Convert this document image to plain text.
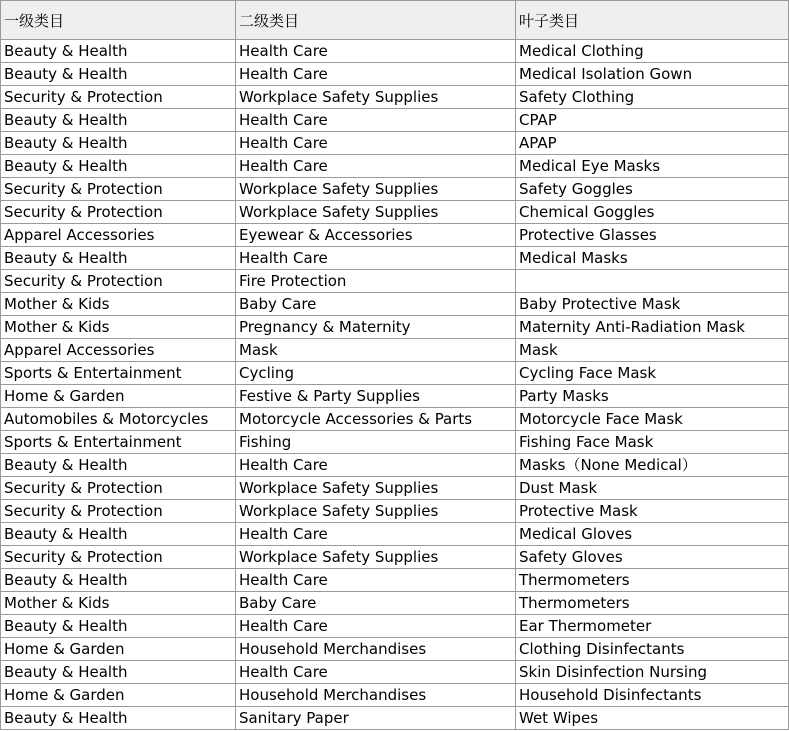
一级类目	二级类目	叶子类目
Beauty & Health	Health Care	Medical Clothing
Beauty & Health	Health Care	Medical Isolation Gown
Security & Protection	Workplace Safety Supplies	Safety Clothing
Beauty & Health	Health Care	CPAP
Beauty & Health	Health Care	APAP
Beauty & Health	Health Care	Medical Eye Masks
Security & Protection	Workplace Safety Supplies	Safety Goggles
Security & Protection	Workplace Safety Supplies	Chemical Goggles
Apparel Accessories	Eyewear & Accessories	Protective Glasses
Beauty & Health	Health Care	Medical Masks
Security & Protection	Fire Protection	
Mother & Kids	Baby Care	Baby Protective Mask
Mother & Kids	Pregnancy & Maternity	Maternity Anti-Radiation Mask
Apparel Accessories	Mask	Mask
Sports & Entertainment	Cycling	Cycling Face Mask
Home & Garden	Festive & Party Supplies	Party Masks
Automobiles & Motorcycles	Motorcycle Accessories & Parts	Motorcycle Face Mask
Sports & Entertainment	Fishing	Fishing Face Mask
Beauty & Health	Health Care	Masks（None Medical）
Security & Protection	Workplace Safety Supplies	Dust Mask
Security & Protection	Workplace Safety Supplies	Protective Mask
Beauty & Health	Health Care	Medical Gloves
Security & Protection	Workplace Safety Supplies	Safety Gloves
Beauty & Health	Health Care	Thermometers
Mother & Kids	Baby Care	Thermometers
Beauty & Health	Health Care	Ear Thermometer
Home & Garden	Household Merchandises	Clothing Disinfectants
Beauty & Health	Health Care	Skin Disinfection Nursing
Home & Garden	Household Merchandises	Household Disinfectants
Beauty & Health	Sanitary Paper	Wet Wipes
